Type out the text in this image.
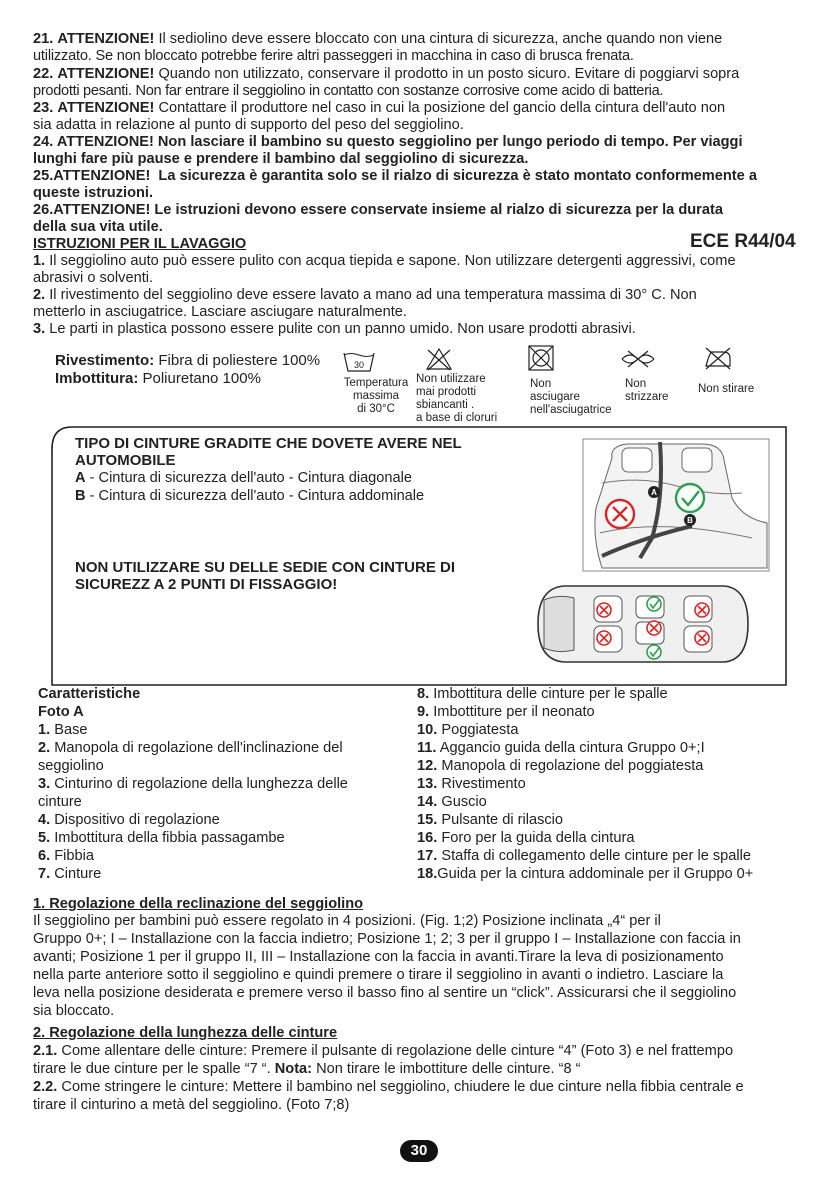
21. ATTENZIONE! Il sediolino deve essere bloccato con una cintura di sicurezza, anche quando non viene
utilizzato. Se non bloccato potrebbe ferire altri passeggeri in macchina in caso di brusca frenata.
22. ATTENZIONE! Quando non utilizzato, conservare il prodotto in un posto sicuro. Evitare di poggiarvi sopra
prodotti pesanti. Non far entrare il seggiolino in contatto con sostanze corrosive come acido di batteria.
23. ATTENZIONE! Contattare il produttore nel caso in cui la posizione del gancio della cintura dell'auto non
sia adatta in relazione al punto di supporto del peso del seggiolino.
24. ATTENZIONE! Non lasciare il bambino su questo seggiolino per lungo periodo di tempo. Per viaggi
lunghi fare più pause e prendere il bambino dal seggiolino di sicurezza.
25.ATTENZIONE! La sicurezza è garantita solo se il rialzo di sicurezza è stato montato conformemente a
queste istruzioni.
26.ATTENZIONE! Le istruzioni devono essere conservate insieme al rialzo di sicurezza per la durata
della sua vita utile.
ISTRUZIONI PER IL LAVAGGIO	ECE R44/04
1. Il seggiolino auto può essere pulito con acqua tiepida e sapone. Non utilizzare detergenti aggressivi, come
abrasivi o solventi.
2. Il rivestimento del seggiolino deve essere lavato a mano ad una temperatura massima di 30° C. Non
metterlo in asciugatrice. Lasciare asciugare naturalmente.
3. Le parti in plastica possono essere pulite con un panno umido. Non usare prodotti abrasivi.
Rivestimento: Fibra di poliestere 100%
Imbottitura: Poliuretano 100%
30
Temperatura
massima
di 30°C
Non utilizzare
mai prodotti
sbiancanti .
a base di cloruri
Non
asciugare
nell'asciugatrice
Non
strizzare
Non stirare
TIPO DI CINTURE GRADITE CHE DOVETE AVERE NEL
AUTOMOBILE
A - Cintura di sicurezza dell'auto - Cintura diagonale
B - Cintura di sicurezza dell'auto - Cintura addominale
NON UTILIZZARE SU DELLE SEDIE CON CINTURE DI
SICUREZZ A 2 PUNTI DI FISSAGGIO!
A
B
Caratteristiche
Foto A
1. Base
2. Manopola di regolazione dell'inclinazione del
seggiolino
3. Cinturino di regolazione della lunghezza delle
cinture
4. Dispositivo di regolazione
5. Imbottitura della fibbia passagambe
6. Fibbia
7. Cinture
8. Imbottitura delle cinture per le spalle
9. Imbottiture per il neonato
10. Poggiatesta
11. Aggancio guida della cintura Gruppo 0+;I
12. Manopola di regolazione del poggiatesta
13. Rivestimento
14. Guscio
15. Pulsante di rilascio
16. Foro per la guida della cintura
17. Staffa di collegamento delle cinture per le spalle
18.Guida per la cintura addominale per il Gruppo 0+
1. Regolazione della reclinazione del seggiolino
Il seggiolino per bambini può essere regolato in 4 posizioni. (Fig. 1;2) Posizione inclinata „4“ per il
Gruppo 0+; I – Installazione con la faccia indietro; Posizione 1; 2; 3 per il gruppo I – Installazione con faccia in
avanti; Posizione 1 per il gruppo II, III – Installazione con la faccia in avanti.Tirare la leva di posizionamento
nella parte anteriore sotto il seggiolino e quindi premere o tirare il seggiolino in avanti o indietro. Lasciare la
leva nella posizione desiderata e premere verso il basso fino al sentire un “click”. Assicurarsi che il seggiolino
sia bloccato.
2. Regolazione della lunghezza delle cinture
2.1. Come allentare delle cinture: Premere il pulsante di regolazione delle cinture “4” (Foto 3) e nel frattempo
tirare le due cinture per le spalle “7 “. Nota: Non tirare le imbottiture delle cinture. “8 “
2.2. Come stringere le cinture: Mettere il bambino nel seggiolino, chiudere le due cinture nella fibbia centrale e
tirare il cinturino a metà del seggiolino. (Foto 7;8)
30
